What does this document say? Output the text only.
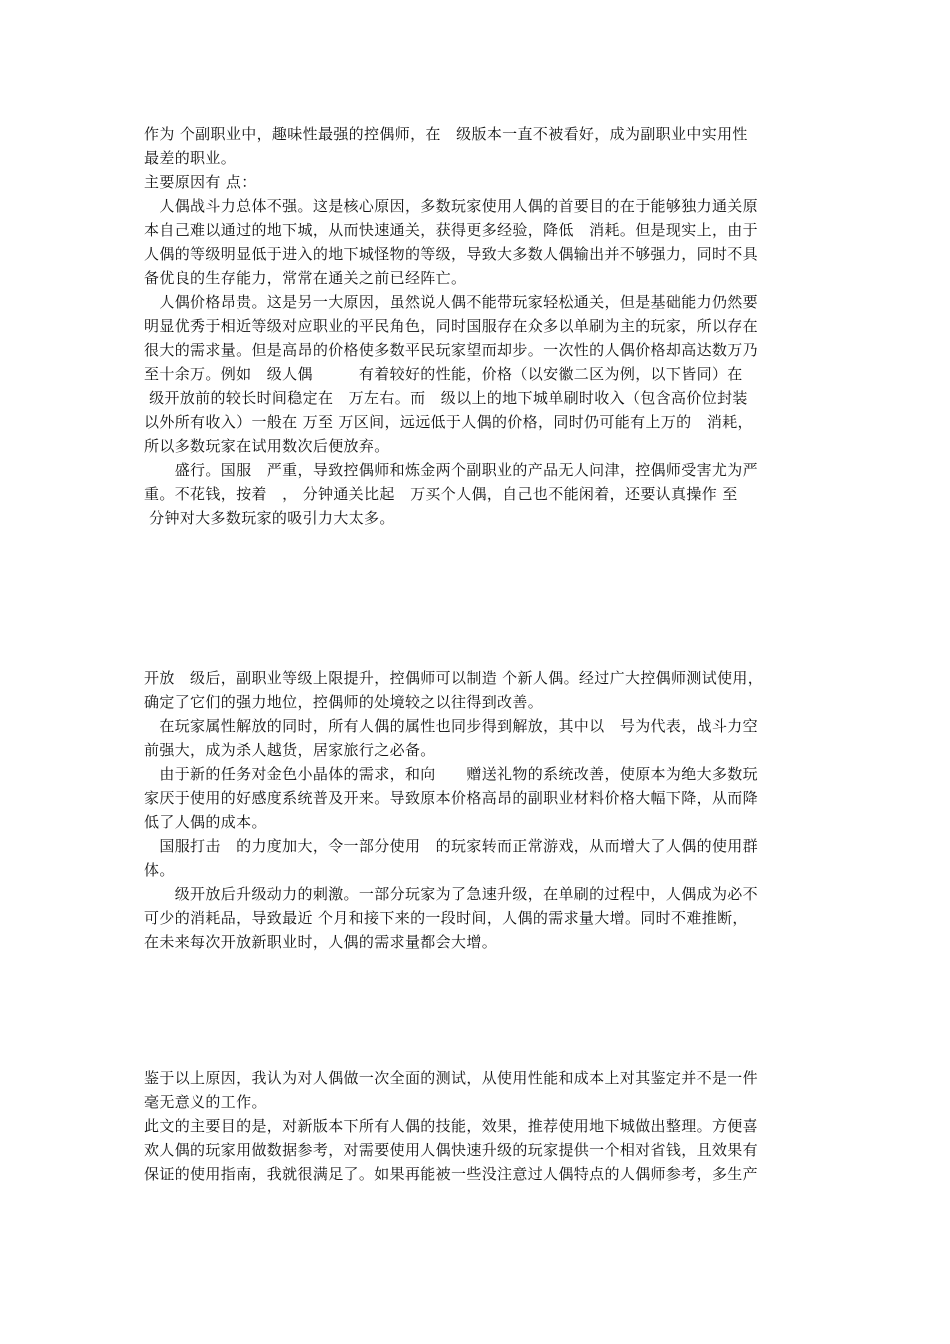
作为 个副职业中，趣味性最强的控偶师，在　级版本一直不被看好，成为副职业中实用性
最差的职业。
主要原因有 点：
　人偶战斗力总体不强。这是核心原因，多数玩家使用人偶的首要目的在于能够独力通关原
本自己难以通过的地下城，从而快速通关，获得更多经验，降低　消耗。但是现实上，由于
人偶的等级明显低于进入的地下城怪物的等级，导致大多数人偶输出并不够强力，同时不具
备优良的生存能力，常常在通关之前已经阵亡。
　人偶价格昂贵。这是另一大原因，虽然说人偶不能带玩家轻松通关，但是基础能力仍然要
明显优秀于相近等级对应职业的平民角色，同时国服存在众多以单刷为主的玩家，所以存在
很大的需求量。但是高昂的价格使多数平民玩家望而却步。一次性的人偶价格却高达数万乃
至十余万。例如　级人偶　　　有着较好的性能，价格（以安徽二区为例，以下皆同）在
级开放前的较长时间稳定在　万左右。而　级以上的地下城单刷时收入（包含高价位封装
以外所有收入）一般在 万至 万区间，远远低于人偶的价格，同时仍可能有上万的　消耗，
所以多数玩家在试用数次后便放弃。
　　盛行。国服　严重，导致控偶师和炼金两个副职业的产品无人问津，控偶师受害尤为严
重。不花钱，按着　， 分钟通关比起　万买个人偶，自己也不能闲着，还要认真操作 至
分钟对大多数玩家的吸引力大太多。
开放　级后，副职业等级上限提升，控偶师可以制造 个新人偶。经过广大控偶师测试使用，
确定了它们的强力地位，控偶师的处境较之以往得到改善。
　在玩家属性解放的同时，所有人偶的属性也同步得到解放，其中以　号为代表，战斗力空
前强大，成为杀人越货，居家旅行之必备。
　由于新的任务对金色小晶体的需求，和向　　赠送礼物的系统改善，使原本为绝大多数玩
家厌于使用的好感度系统普及开来。导致原本价格高昂的副职业材料价格大幅下降，从而降
低了人偶的成本。
　国服打击　的力度加大，令一部分使用　的玩家转而正常游戏，从而增大了人偶的使用群
体。
　　级开放后升级动力的刺激。一部分玩家为了急速升级，在单刷的过程中，人偶成为必不
可少的消耗品，导致最近 个月和接下来的一段时间，人偶的需求量大增。同时不难推断，
在未来每次开放新职业时，人偶的需求量都会大增。
鉴于以上原因，我认为对人偶做一次全面的测试，从使用性能和成本上对其鉴定并不是一件
毫无意义的工作。
此文的主要目的是，对新版本下所有人偶的技能，效果，推荐使用地下城做出整理。方便喜
欢人偶的玩家用做数据参考，对需要使用人偶快速升级的玩家提供一个相对省钱，且效果有
保证的使用指南，我就很满足了。如果再能被一些没注意过人偶特点的人偶师参考，多生产
